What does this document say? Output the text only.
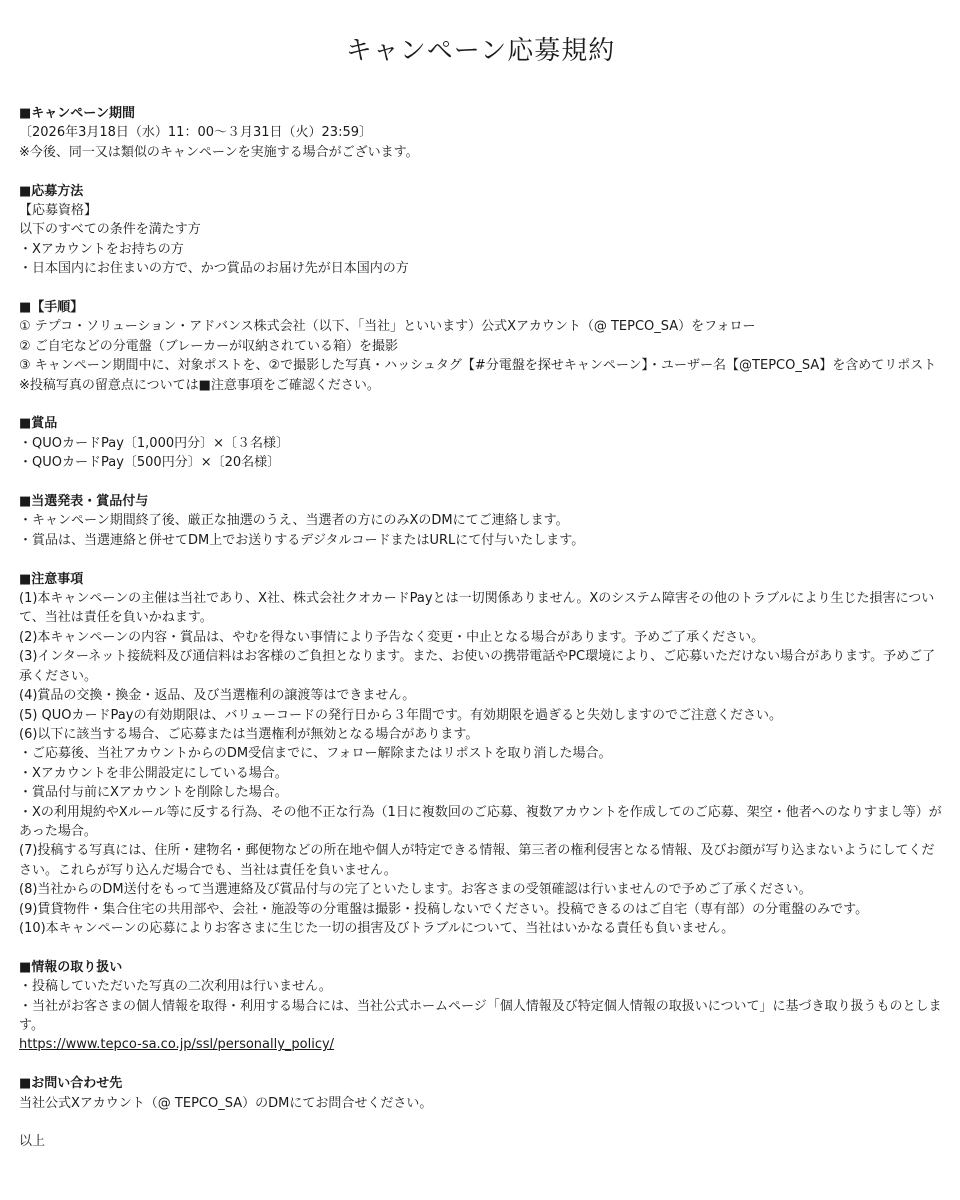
キャンペーン応募規約
■キャンペーン期間
〔2026年3月18日（水）11：00～３月31日（火）23:59〕
※今後、同一又は類似のキャンペーンを実施する場合がございます。
■応募方法
【応募資格】
以下のすべての条件を満たす方
・Xアカウントをお持ちの方
・日本国内にお住まいの方で、かつ賞品のお届け先が日本国内の方
■【手順】
① テプコ・ソリューション・アドバンス株式会社（以下、「当社」といいます）公式Xアカウント（@ TEPCO_SA）をフォロー
② ご自宅などの分電盤（ブレーカーが収納されている箱）を撮影
③ キャンペーン期間中に、対象ポストを、②で撮影した写真・ハッシュタグ【#分電盤を探せキャンペーン】・ユーザー名【@TEPCO_SA】を含めてリポスト
※投稿写真の留意点については■注意事項をご確認ください。
■賞品
・QUOカードPay〔1,000円分〕×〔３名様〕
・QUOカードPay〔500円分〕×〔20名様〕
■当選発表・賞品付与
・キャンペーン期間終了後、厳正な抽選のうえ、当選者の方にのみXのDMにてご連絡します。
・賞品は、当選連絡と併せてDM上でお送りするデジタルコードまたはURLにて付与いたします。
■注意事項
(1)本キャンペーンの主催は当社であり、X社、株式会社クオカードPayとは一切関係ありません。Xのシステム障害その他のトラブルにより生じた損害について、当社は責任を負いかねます。
(2)本キャンペーンの内容・賞品は、やむを得ない事情により予告なく変更・中止となる場合があります。予めご了承ください。
(3)インターネット接続料及び通信料はお客様のご負担となります。また、お使いの携帯電話やPC環境により、ご応募いただけない場合があります。予めご了承ください。
(4)賞品の交換・換金・返品、及び当選権利の譲渡等はできません。
(5) QUOカードPayの有効期限は、バリューコードの発行日から３年間です。有効期限を過ぎると失効しますのでご注意ください。
(6)以下に該当する場合、ご応募または当選権利が無効となる場合があります。
・ご応募後、当社アカウントからのDM受信までに、フォロー解除またはリポストを取り消した場合。
・Xアカウントを非公開設定にしている場合。
・賞品付与前にXアカウントを削除した場合。
・Xの利用規約やXルール等に反する行為、その他不正な行為（1日に複数回のご応募、複数アカウントを作成してのご応募、架空・他者へのなりすまし等）があった場合。
(7)投稿する写真には、住所・建物名・郵便物などの所在地や個人が特定できる情報、第三者の権利侵害となる情報、及びお顔が写り込まないようにしてください。これらが写り込んだ場合でも、当社は責任を負いません。
(8)当社からのDM送付をもって当選連絡及び賞品付与の完了といたします。お客さまの受領確認は行いませんので予めご了承ください。
(9)賃貸物件・集合住宅の共用部や、会社・施設等の分電盤は撮影・投稿しないでください。投稿できるのはご自宅（専有部）の分電盤のみです。
(10)本キャンペーンの応募によりお客さまに生じた一切の損害及びトラブルについて、当社はいかなる責任も負いません。
■情報の取り扱い
・投稿していただいた写真の二次利用は行いません。
・当社がお客さまの個人情報を取得・利用する場合には、当社公式ホームページ「個人情報及び特定個人情報の取扱いについて」に基づき取り扱うものとします。
https://www.tepco-sa.co.jp/ssl/personally_policy/
■お問い合わせ先
当社公式Xアカウント（@ TEPCO_SA）のDMにてお問合せください。
以上
